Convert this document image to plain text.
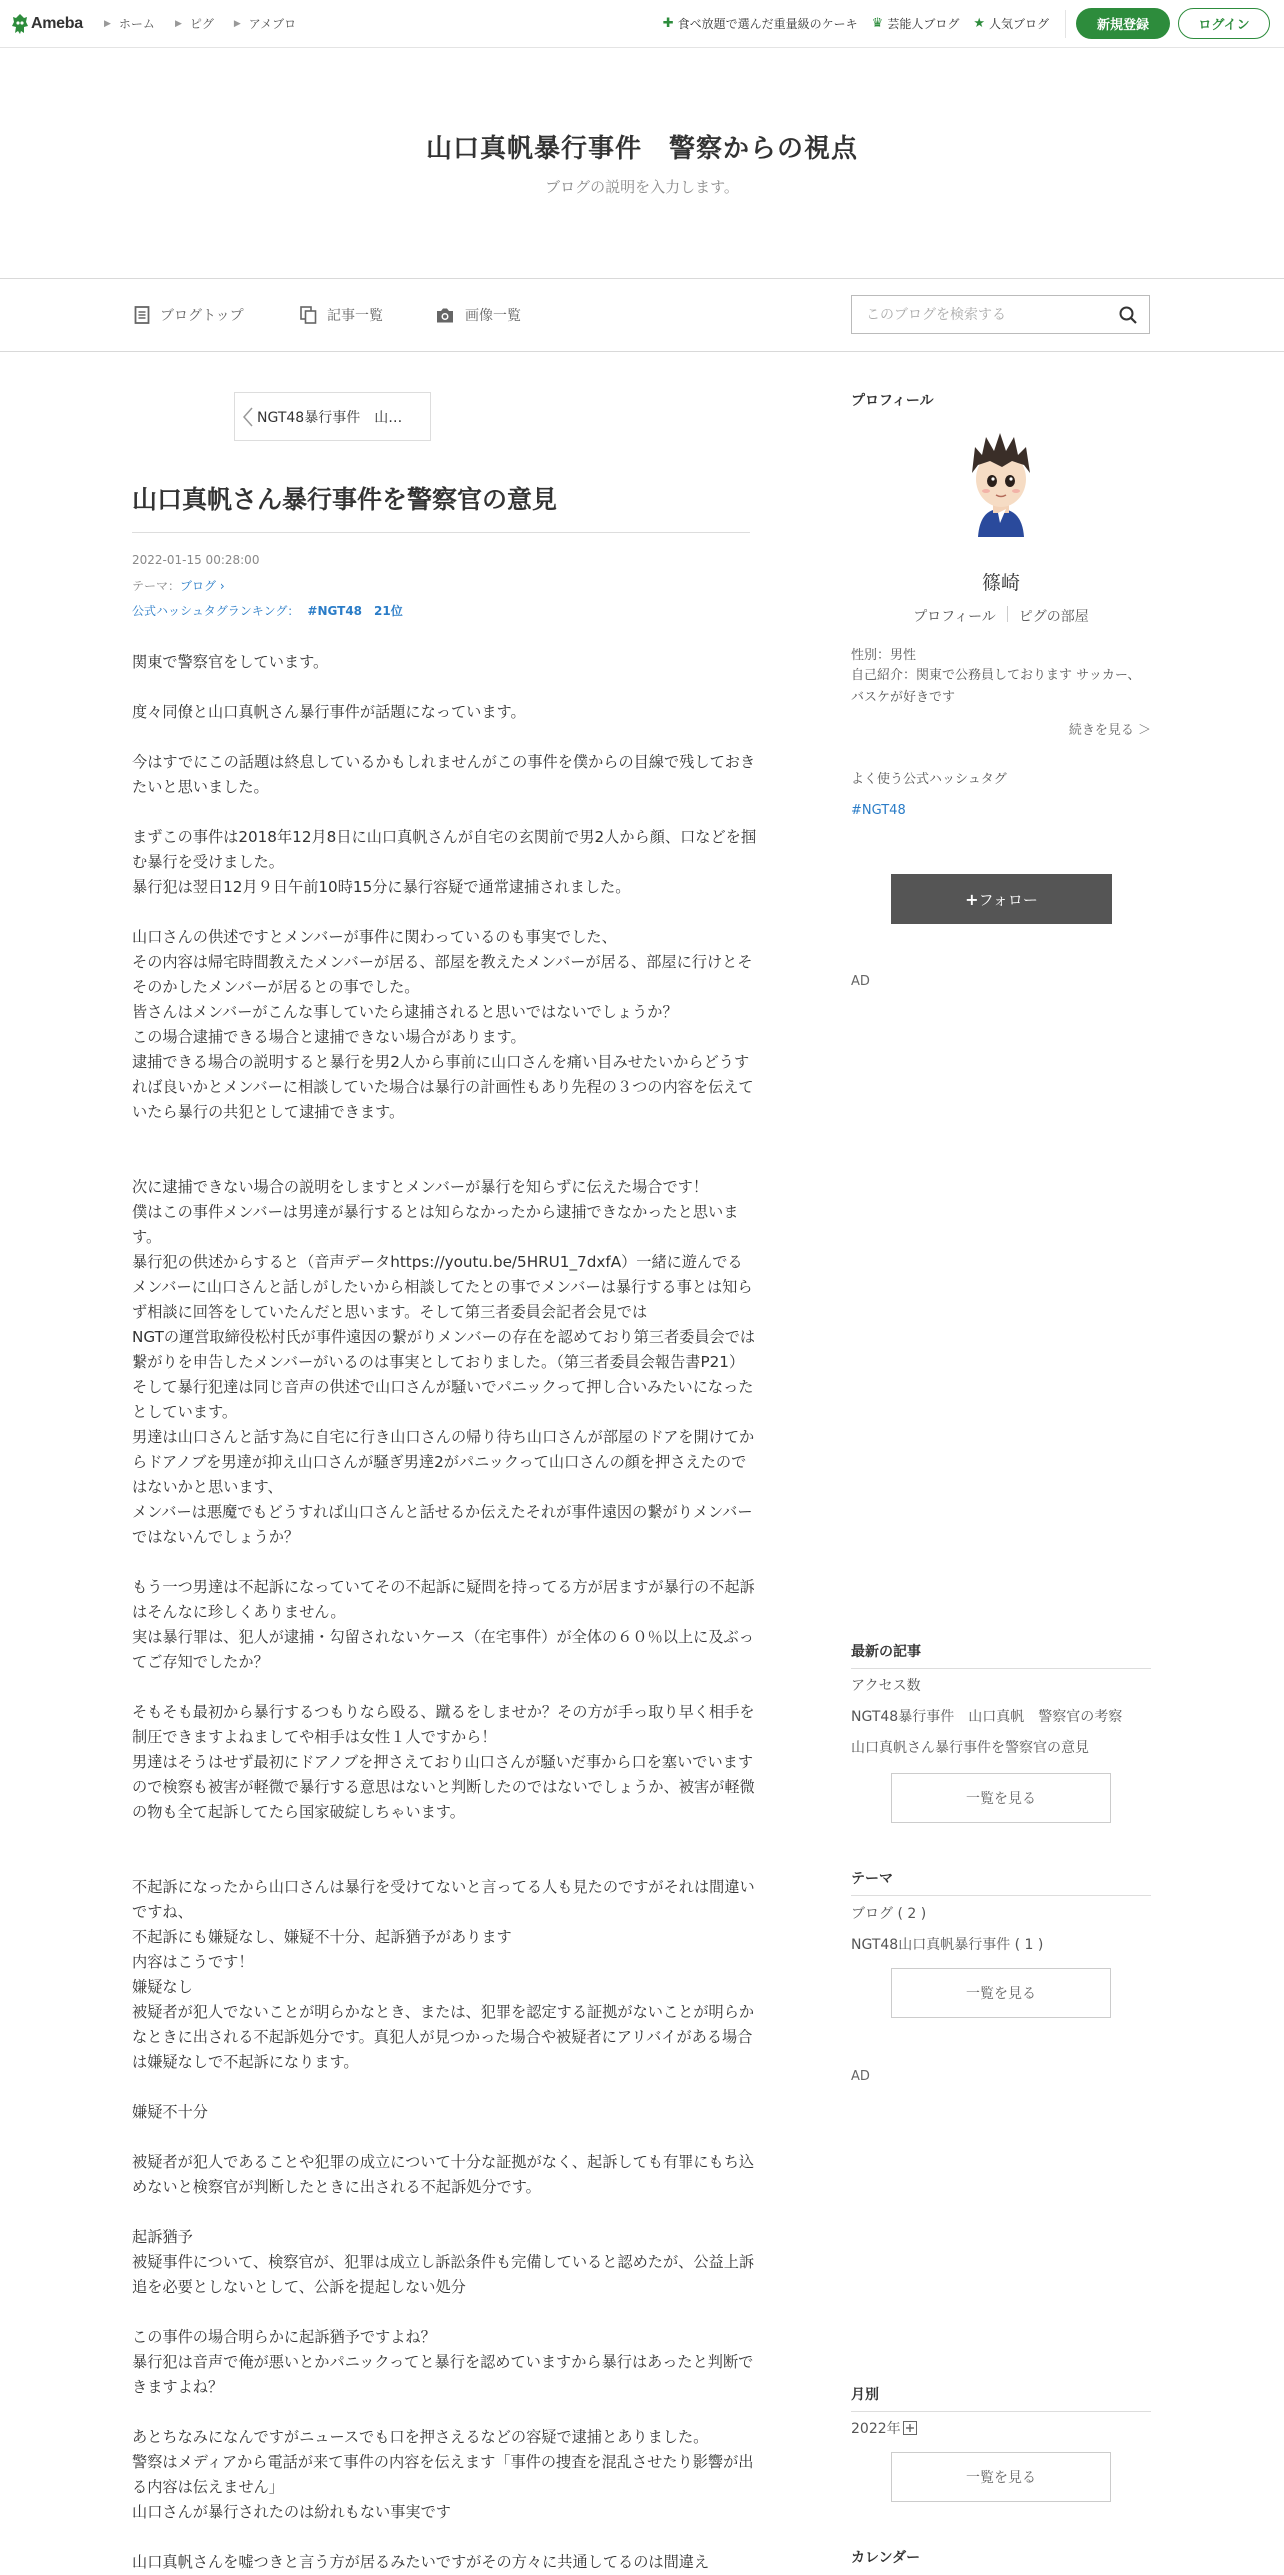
Ameba ▶ ホーム ▶ ピグ ▶ アメブロ	✚ 食べ放題で選んだ重量級のケーキ ♛ 芸能人ブログ ★ 人気ブログ	新規登録	ログイン
山口真帆暴行事件　警察からの視点
ブログの説明を入力します。
ブログトップ	記事一覧	画像一覧
このブログを検索する
NGT48暴行事件　山…
山口真帆さん暴行事件を警察官の意見
2022-01-15 00:28:00
テーマ：ブログ ›
公式ハッシュタグランキング： #NGT48　21位

関東で警察官をしています。

度々同僚と山口真帆さん暴行事件が話題になっています。

今はすでにこの話題は終息しているかもしれませんがこの事件を僕からの目線で残しておきたいと思いました。

まずこの事件は2018年12月8日に山口真帆さんが自宅の玄関前で男2人から顔、口などを掴む暴行を受けました。
暴行犯は翌日12月９日午前10時15分に暴行容疑で通常逮捕されました。

山口さんの供述ですとメンバーが事件に関わっているのも事実でした、
その内容は帰宅時間教えたメンバーが居る、部屋を教えたメンバーが居る、部屋に行けとそそのかしたメンバーが居るとの事でした。
皆さんはメンバーがこんな事していたら逮捕されると思いではないでしょうか？
この場合逮捕できる場合と逮捕できない場合があります。
逮捕できる場合の説明すると暴行を男2人から事前に山口さんを痛い目みせたいからどうすれば良いかとメンバーに相談していた場合は暴行の計画性もあり先程の３つの内容を伝えていたら暴行の共犯として逮捕できます。

次に逮捕できない場合の説明をしますとメンバーが暴行を知らずに伝えた場合です！
僕はこの事件メンバーは男達が暴行するとは知らなかったから逮捕できなかったと思います。
暴行犯の供述からすると（音声データhttps://youtu.be/5HRU1_7dxfA）一緒に遊んでるメンバーに山口さんと話しがしたいから相談してたとの事でメンバーは暴行する事とは知らず相談に回答をしていたんだと思います。そして第三者委員会記者会見では
NGTの運営取締役松村氏が事件遠因の繋がりメンバーの存在を認めており第三者委員会では繋がりを申告したメンバーがいるのは事実としておりました。（第三者委員会報告書P21）そして暴行犯達は同じ音声の供述で山口さんが騒いでパニックって押し合いみたいになったとしています。
男達は山口さんと話す為に自宅に行き山口さんの帰り待ち山口さんが部屋のドアを開けてからドアノブを男達が抑え山口さんが騒ぎ男達2がパニックって山口さんの顔を押さえたのではないかと思います、
メンバーは悪魔でもどうすれば山口さんと話せるか伝えたそれが事件遠因の繋がりメンバーではないんでしょうか？

もう一つ男達は不起訴になっていてその不起訴に疑問を持ってる方が居ますが暴行の不起訴はそんなに珍しくありません。
実は暴行罪は、犯人が逮捕・勾留されないケース（在宅事件）が全体の６０％以上に及ぶってご存知でしたか？

そもそも最初から暴行するつもりなら殴る、蹴るをしませか？その方が手っ取り早く相手を制圧できますよねましてや相手は女性１人ですから！
男達はそうはせず最初にドアノブを押さえており山口さんが騒いだ事から口を塞いでいますので検察も被害が軽微で暴行する意思はないと判断したのではないでしょうか、被害が軽微の物も全て起訴してたら国家破綻しちゃいます。

不起訴になったから山口さんは暴行を受けてないと言ってる人も見たのですがそれは間違いですね、
不起訴にも嫌疑なし、嫌疑不十分、起訴猶予があります
内容はこうです！
嫌疑なし
被疑者が犯人でないことが明らかなとき、または、犯罪を認定する証拠がないことが明らかなときに出される不起訴処分です。真犯人が見つかった場合や被疑者にアリバイがある場合は嫌疑なしで不起訴になります。

嫌疑不十分

被疑者が犯人であることや犯罪の成立について十分な証拠がなく、起訴しても有罪にもち込めないと検察官が判断したときに出される不起訴処分です。

起訴猶予
被疑事件について、検察官が、犯罪は成立し訴訟条件も完備していると認めたが、公益上訴追を必要としないとして、公訴を提起しない処分

この事件の場合明らかに起訴猶予ですよね？
暴行犯は音声で俺が悪いとかパニックってと暴行を認めていますから暴行はあったと判断できますよね？

あとちなみになんですがニュースでも口を押さえるなどの容疑で逮捕とありました。
警察はメディアから電話が来て事件の内容を伝えます「事件の捜査を混乱させたり影響が出る内容は伝えません」
山口さんが暴行されたのは紛れもない事実です

山口真帆さんを嘘つきと言う方が居るみたいですがその方々に共通してるのは間違え

プロフィール
篠崎
プロフィール ピグの部屋
性別：男性
自己紹介：関東で公務員しております サッカー、バスケが好きです
続きを見る ＞
よく使う公式ハッシュタグ
#NGT48
+ フォロー
AD
最新の記事
アクセス数
NGT48暴行事件　山口真帆　警察官の考察
山口真帆さん暴行事件を警察官の意見
一覧を見る
テーマ
ブログ ( 2 )
NGT48山口真帆暴行事件 ( 1 )
一覧を見る
AD
月別
2022年
一覧を見る
カレンダー
